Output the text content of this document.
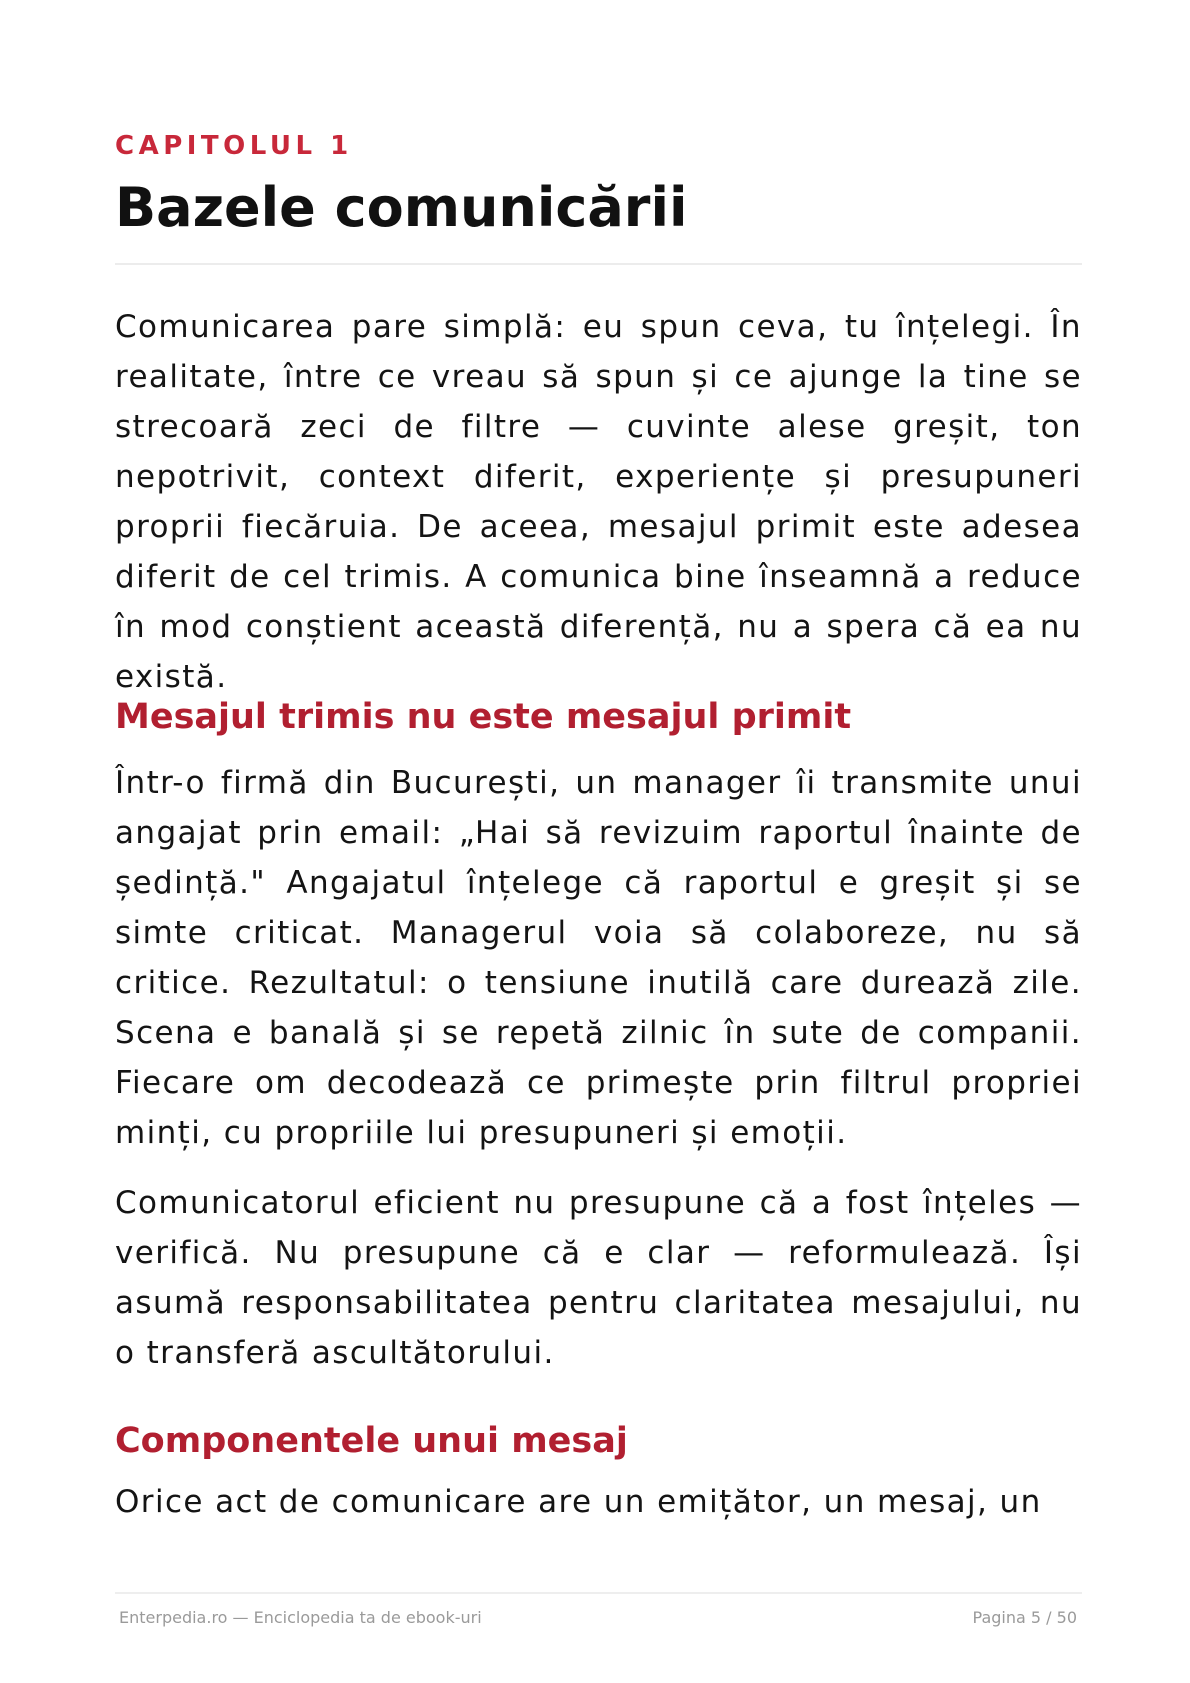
CAPITOLUL 1
Bazele comunicării

Comunicarea pare simplă: eu spun ceva, tu înțelegi. În realitate, între ce vreau să spun și ce ajunge la tine se strecoară zeci de filtre — cuvinte alese greșit, ton nepotrivit, context diferit, experiențe și presupuneri proprii fiecăruia. De aceea, mesajul primit este adesea diferit de cel trimis. A comunica bine înseamnă a reduce în mod conștient această diferență, nu a spera că ea nu există.

Mesajul trimis nu este mesajul primit

Într-o firmă din București, un manager îi transmite unui angajat prin email: „Hai să revizuim raportul înainte de ședință." Angajatul înțelege că raportul e greșit și se simte criticat. Managerul voia să colaboreze, nu să critice. Rezultatul: o tensiune inutilă care durează zile. Scena e banală și se repetă zilnic în sute de companii. Fiecare om decodează ce primește prin filtrul propriei minți, cu propriile lui presupuneri și emoții.

Comunicatorul eficient nu presupune că a fost înțeles — verifică. Nu presupune că e clar — reformulează. Își asumă responsabilitatea pentru claritatea mesajului, nu o transferă ascultătorului.

Componentele unui mesaj

Orice act de comunicare are un emițător, un mesaj, un

Enterpedia.ro — Enciclopedia ta de ebook-uri	Pagina 5 / 50
